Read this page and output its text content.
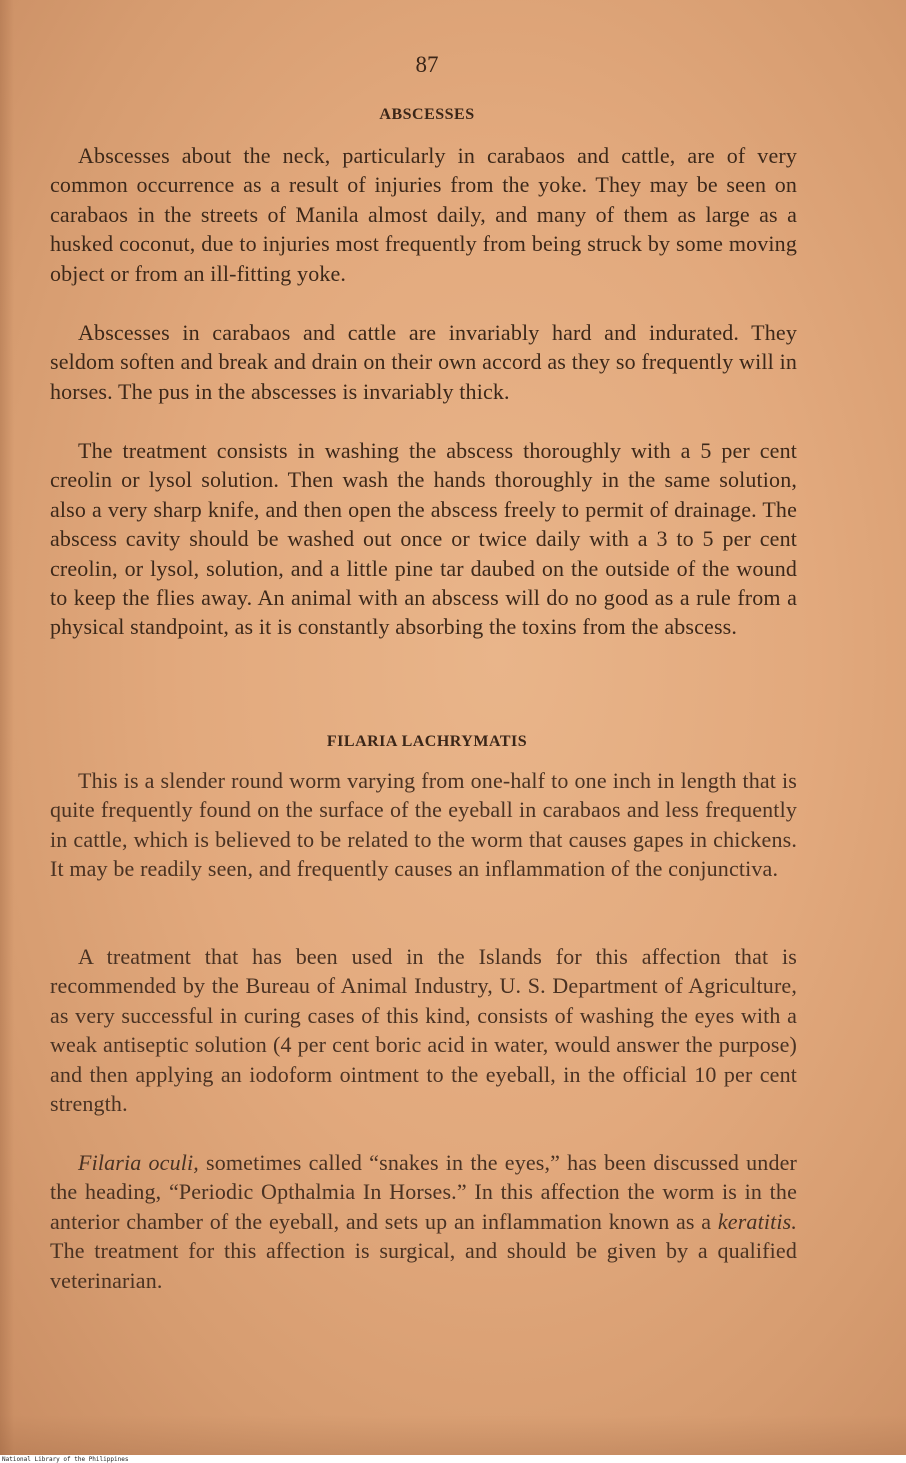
87
ABSCESSES

Abscesses about the neck, particularly in carabaos and cattle, are of very common occurrence as a result of injuries from the yoke. They may be seen on carabaos in the streets of Manila almost daily, and many of them as large as a husked coconut, due to injuries most frequently from being struck by some moving object or from an ill-fitting yoke.

Abscesses in carabaos and cattle are invariably hard and indurated. They seldom soften and break and drain on their own accord as they so frequently will in horses. The pus in the abscesses is invariably thick.

The treatment consists in washing the abscess thoroughly with a 5 per cent creolin or lysol solution. Then wash the hands thoroughly in the same solution, also a very sharp knife, and then open the abscess freely to permit of drainage. The abscess cavity should be washed out once or twice daily with a 3 to 5 per cent creolin, or lysol, solution, and a little pine tar daubed on the outside of the wound to keep the flies away. An animal with an abscess will do no good as a rule from a physical standpoint, as it is constantly absorbing the toxins from the abscess.

FILARIA LACHRYMATIS

This is a slender round worm varying from one-half to one inch in length that is quite frequently found on the surface of the eyeball in carabaos and less frequently in cattle, which is believed to be related to the worm that causes gapes in chickens. It may be readily seen, and frequently causes an inflammation of the conjunctiva.

A treatment that has been used in the Islands for this affection that is recommended by the Bureau of Animal Industry, U. S. Department of Agriculture, as very successful in curing cases of this kind, consists of washing the eyes with a weak antiseptic solution (4 per cent boric acid in water, would answer the purpose) and then applying an iodoform ointment to the eyeball, in the official 10 per cent strength.

Filaria oculi, sometimes called “snakes in the eyes,” has been discussed under the heading, “Periodic Opthalmia In Horses.” In this affection the worm is in the anterior chamber of the eyeball, and sets up an inflammation known as a keratitis. The treatment for this affection is surgical, and should be given by a qualified veterinarian.

National Library of the Philippines
